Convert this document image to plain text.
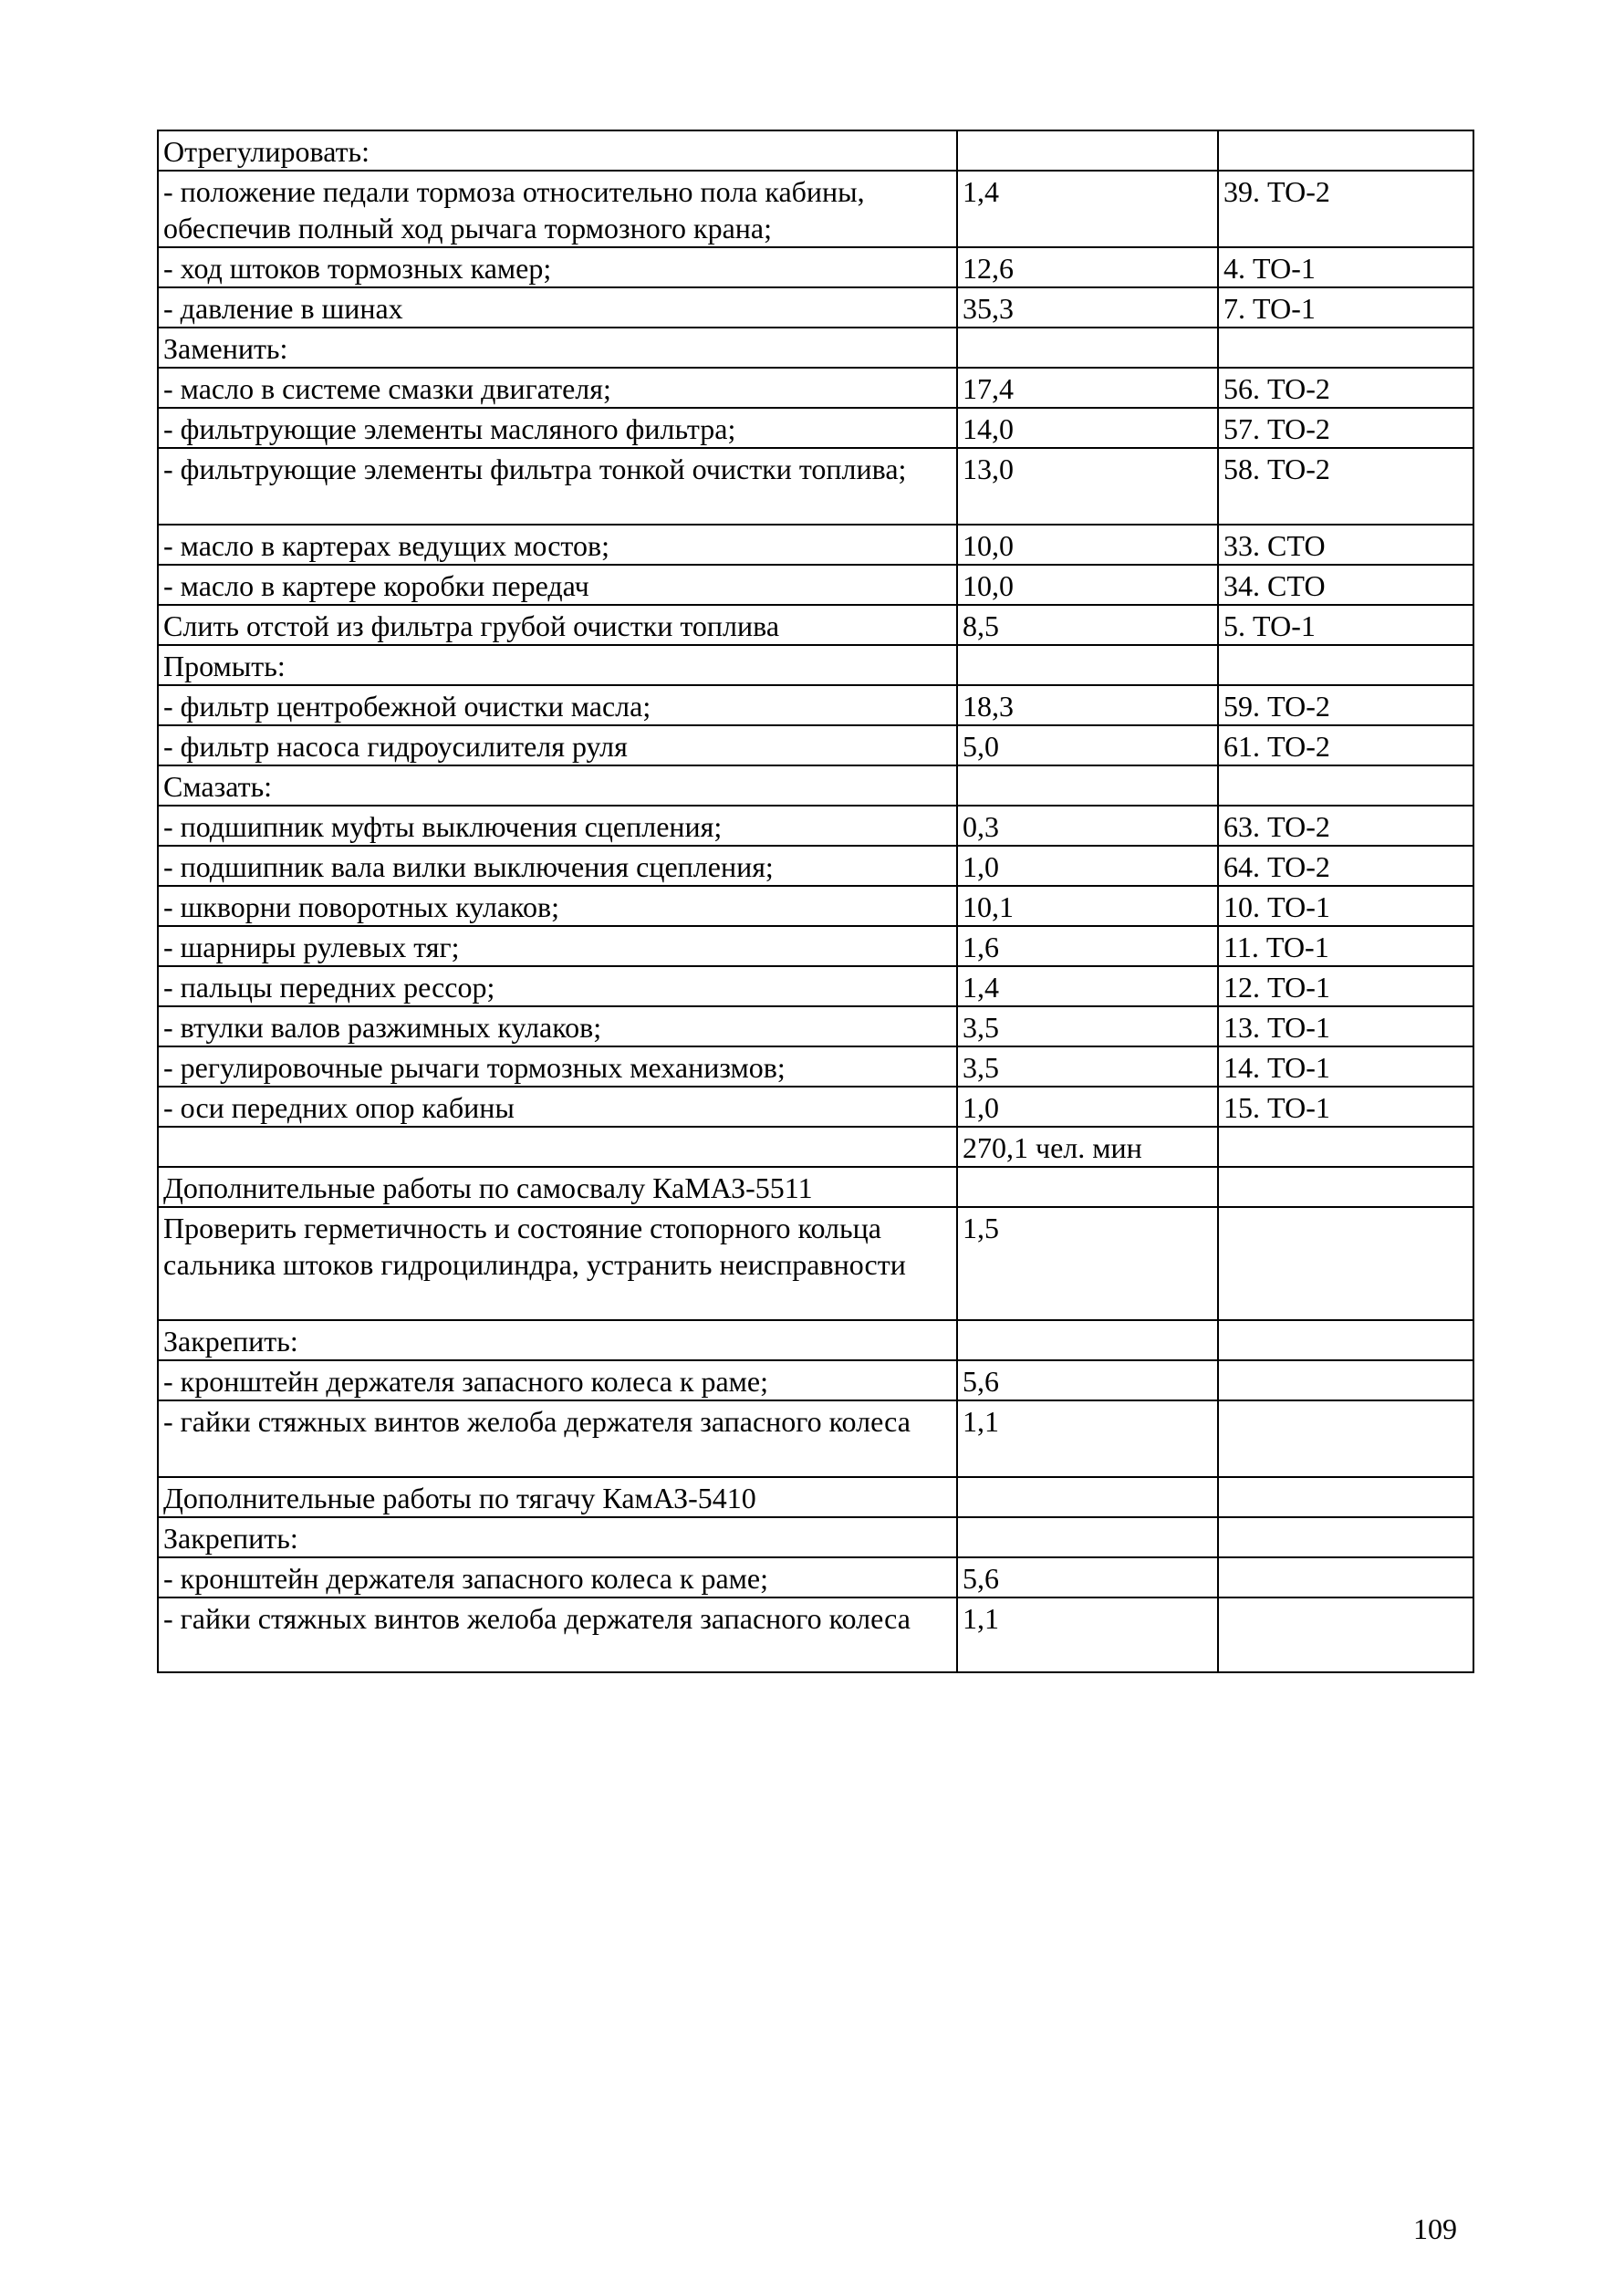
Отрегулировать:		
- положение педали тормоза относительно пола кабины, обеспечив полный ход рычага тормозного крана;	1,4	39. ТО-2
- ход штоков тормозных камер;	12,6	4. ТО-1
- давление в шинах	35,3	7. ТО-1
Заменить:		
- масло в системе смазки двигателя;	17,4	56. ТО-2
- фильтрующие элементы масляного фильтра;	14,0	57. ТО-2
- фильтрующие элементы фильтра тонкой очистки топлива;	13,0	58. ТО-2
- масло в картерах ведущих мостов;	10,0	33. СТО
- масло в картере коробки передач	10,0	34. СТО
Слить отстой из фильтра грубой очистки топлива	8,5	5. ТО-1
Промыть:		
- фильтр центробежной очистки масла;	18,3	59. ТО-2
- фильтр насоса гидроусилителя руля	5,0	61. ТО-2
Смазать:		
- подшипник муфты выключения сцепления;	0,3	63. ТО-2
- подшипник вала вилки выключения сцепления;	1,0	64. ТО-2
- шкворни поворотных кулаков;	10,1	10. ТО-1
- шарниры рулевых тяг;	1,6	11. ТО-1
- пальцы передних рессор;	1,4	12. ТО-1
- втулки валов разжимных кулаков;	3,5	13. ТО-1
- регулировочные рычаги тормозных механизмов;	3,5	14. ТО-1
- оси передних опор кабины	1,0	15. ТО-1
	270,1 чел. мин	
Дополнительные работы по самосвалу КаМАЗ-5511		
Проверить герметичность и состояние стопорного кольца сальника штоков гидроцилиндра, устранить неисправности	1,5	
Закрепить:		
- кронштейн держателя запасного колеса к раме;	5,6	
- гайки стяжных винтов желоба держателя запасного колеса	1,1	
Дополнительные работы по тягачу КамАЗ-5410		
Закрепить:		
- кронштейн держателя запасного колеса к раме;	5,6	
- гайки стяжных винтов желоба держателя запасного колеса	1,1	
109
